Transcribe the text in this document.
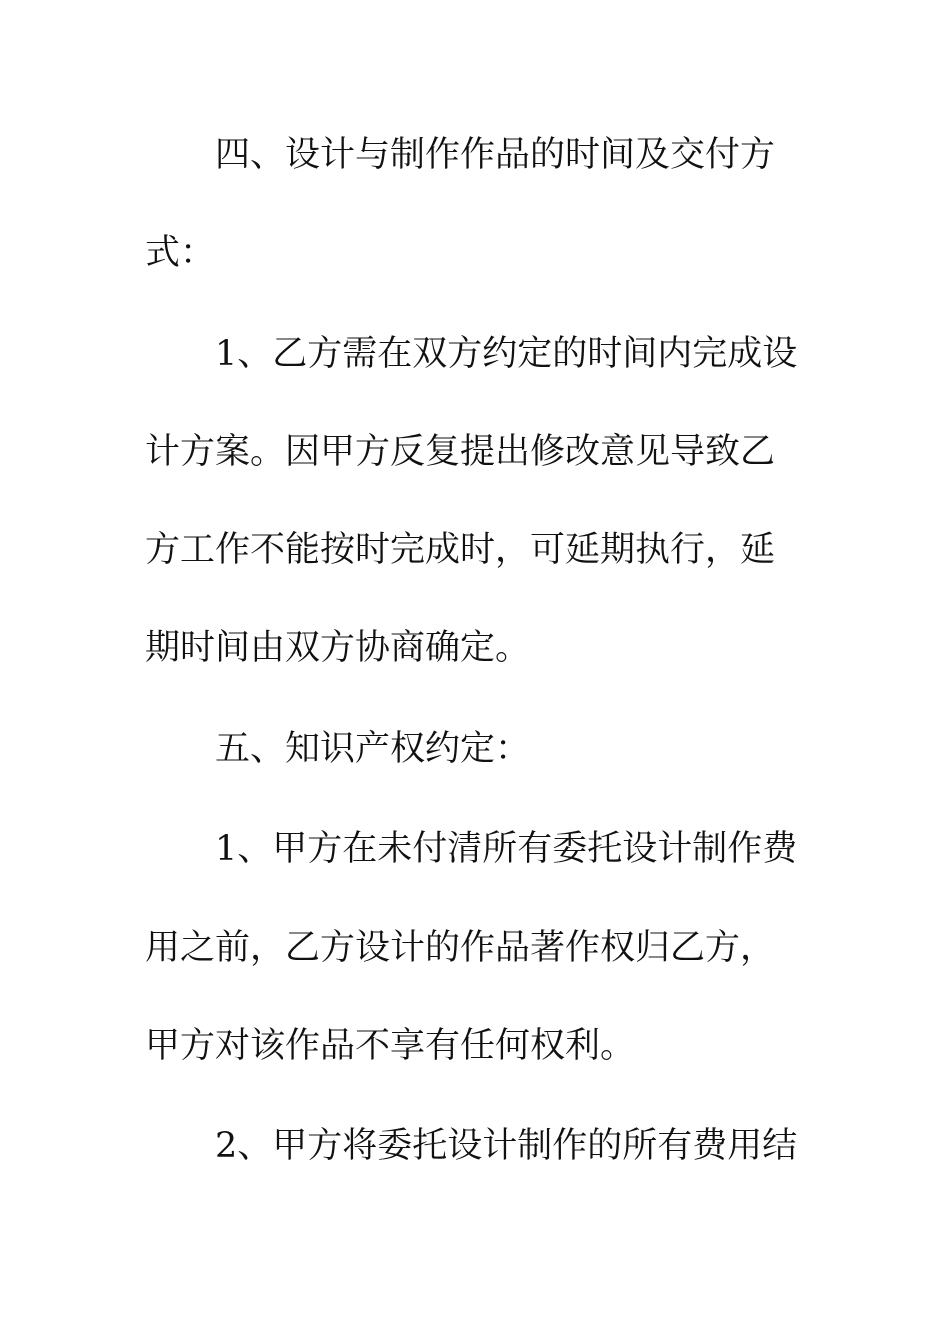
四、设计与制作作品的时间及交付方
式：
1、乙方需在双方约定的时间内完成设
计方案。因甲方反复提出修改意见导致乙
方工作不能按时完成时，可延期执行，延
期时间由双方协商确定。
五、知识产权约定：
1、甲方在未付清所有委托设计制作费
用之前，乙方设计的作品著作权归乙方，
甲方对该作品不享有任何权利。
2、甲方将委托设计制作的所有费用结
